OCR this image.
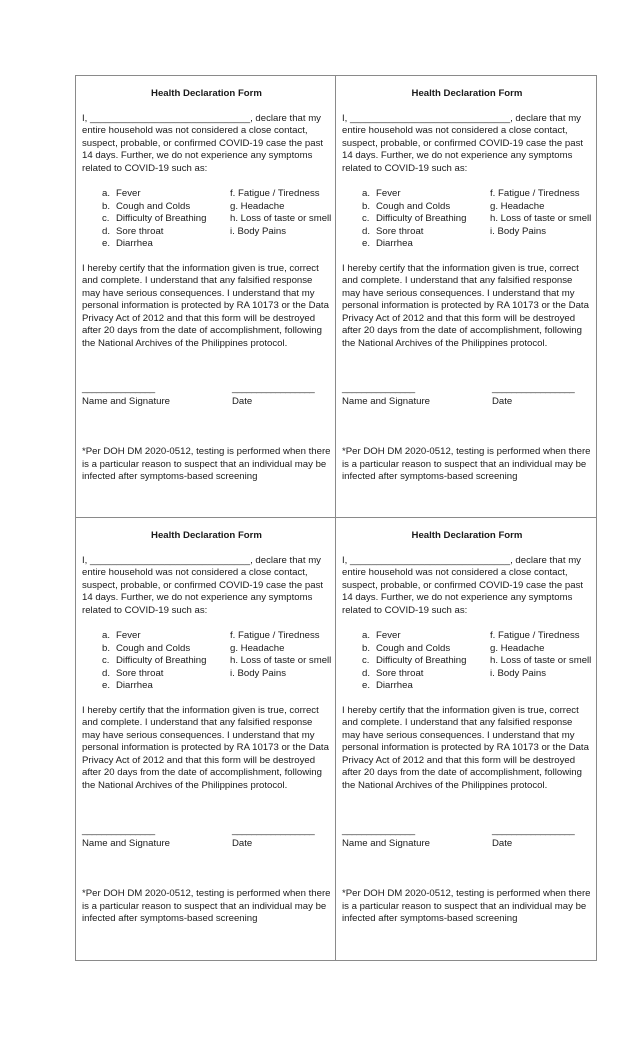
Health Declaration Form

I, ______________________________, declare that my entire household was not considered a close contact, suspect, probable, or confirmed COVID-19 case the past 14 days. Further, we do not experience any symptoms related to COVID-19 such as:

a. Fever	f. Fatigue / Tiredness
b. Cough and Colds	g. Headache
c. Difficulty of Breathing h. Loss of taste or smell
d. Sore throat	i. Body Pains
e. Diarrhea

I hereby certify that the information given is true, correct and complete. I understand that any falsified response may have serious consequences. I understand that my personal information is protected by RA 10173 or the Data Privacy Act of 2012 and that this form will be destroyed after 20 days from the date of accomplishment, following the National Archives of the Philippines protocol.

_______________
Name and Signature
_________________
Date

*Per DOH DM 2020-0512, testing is performed when there is a particular reason to suspect that an individual may be infected after symptoms-based screening

Health Declaration Form

I, ______________________________, declare that my entire household was not considered a close contact, suspect, probable, or confirmed COVID-19 case the past 14 days. Further, we do not experience any symptoms related to COVID-19 such as:

a. Fever	f. Fatigue / Tiredness
b. Cough and Colds	g. Headache
c. Difficulty of Breathing h. Loss of taste or smell
d. Sore throat	i. Body Pains
e. Diarrhea

I hereby certify that the information given is true, correct and complete. I understand that any falsified response may have serious consequences. I understand that my personal information is protected by RA 10173 or the Data Privacy Act of 2012 and that this form will be destroyed after 20 days from the date of accomplishment, following the National Archives of the Philippines protocol.

_______________
Name and Signature
_________________
Date

*Per DOH DM 2020-0512, testing is performed when there is a particular reason to suspect that an individual may be infected after symptoms-based screening

Health Declaration Form

I, ______________________________, declare that my entire household was not considered a close contact, suspect, probable, or confirmed COVID-19 case the past 14 days. Further, we do not experience any symptoms related to COVID-19 such as:

a. Fever	f. Fatigue / Tiredness
b. Cough and Colds	g. Headache
c. Difficulty of Breathing h. Loss of taste or smell
d. Sore throat	i. Body Pains
e. Diarrhea

I hereby certify that the information given is true, correct and complete. I understand that any falsified response may have serious consequences. I understand that my personal information is protected by RA 10173 or the Data Privacy Act of 2012 and that this form will be destroyed after 20 days from the date of accomplishment, following the National Archives of the Philippines protocol.

_______________
Name and Signature
_________________
Date

*Per DOH DM 2020-0512, testing is performed when there is a particular reason to suspect that an individual may be infected after symptoms-based screening

Health Declaration Form

I, ______________________________, declare that my entire household was not considered a close contact, suspect, probable, or confirmed COVID-19 case the past 14 days. Further, we do not experience any symptoms related to COVID-19 such as:

a. Fever	f. Fatigue / Tiredness
b. Cough and Colds	g. Headache
c. Difficulty of Breathing h. Loss of taste or smell
d. Sore throat	i. Body Pains
e. Diarrhea

I hereby certify that the information given is true, correct and complete. I understand that any falsified response may have serious consequences. I understand that my personal information is protected by RA 10173 or the Data Privacy Act of 2012 and that this form will be destroyed after 20 days from the date of accomplishment, following the National Archives of the Philippines protocol.

_______________
Name and Signature
_________________
Date

*Per DOH DM 2020-0512, testing is performed when there is a particular reason to suspect that an individual may be infected after symptoms-based screening
